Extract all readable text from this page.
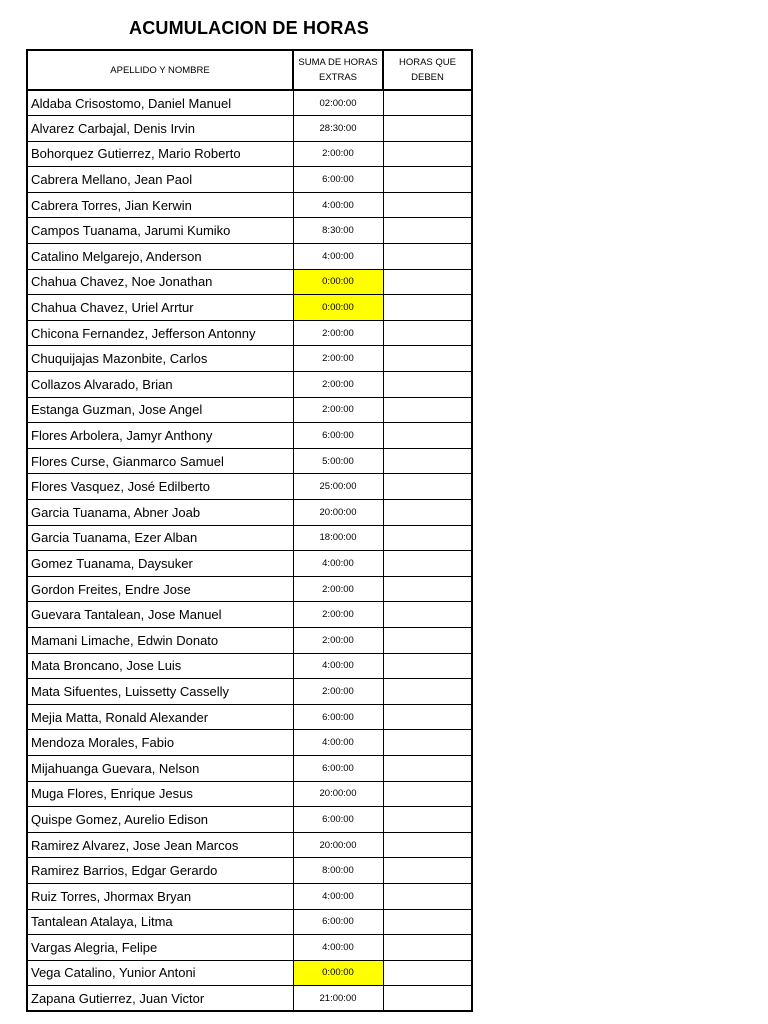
ACUMULACION DE HORAS
APELLIDO Y NOMBRE	SUMA DE HORAS EXTRAS	HORAS QUE DEBEN
Aldaba Crisostomo, Daniel Manuel	02:00:00	
Alvarez Carbajal, Denis Irvin	28:30:00	
Bohorquez Gutierrez, Mario Roberto	2:00:00	
Cabrera Mellano, Jean Paol	6:00:00	
Cabrera Torres, Jian Kerwin	4:00:00	
Campos Tuanama, Jarumi Kumiko	8:30:00	
Catalino Melgarejo, Anderson	4:00:00	
Chahua Chavez, Noe Jonathan	0:00:00	
Chahua Chavez, Uriel Arrtur	0:00:00	
Chicona Fernandez, Jefferson Antonny	2:00:00	
Chuquijajas Mazonbite, Carlos	2:00:00	
Collazos Alvarado, Brian	2:00:00	
Estanga Guzman, Jose Angel	2:00:00	
Flores Arbolera, Jamyr Anthony	6:00:00	
Flores Curse, Gianmarco Samuel	5:00:00	
Flores Vasquez, José Edilberto	25:00:00	
Garcia Tuanama, Abner Joab	20:00:00	
Garcia Tuanama, Ezer Alban	18:00:00	
Gomez Tuanama, Daysuker	4:00:00	
Gordon Freites, Endre Jose	2:00:00	
Guevara Tantalean, Jose Manuel	2:00:00	
Mamani Limache, Edwin Donato	2:00:00	
Mata Broncano, Jose Luis	4:00:00	
Mata Sifuentes, Luissetty Casselly	2:00:00	
Mejia Matta, Ronald Alexander	6:00:00	
Mendoza Morales, Fabio	4:00:00	
Mijahuanga Guevara, Nelson	6:00:00	
Muga Flores, Enrique Jesus	20:00:00	
Quispe Gomez, Aurelio Edison	6:00:00	
Ramirez Alvarez, Jose Jean Marcos	20:00:00	
Ramirez Barrios, Edgar Gerardo	8:00:00	
Ruiz Torres, Jhormax Bryan	4:00:00	
Tantalean Atalaya, Litma	6:00:00	
Vargas Alegria, Felipe	4:00:00	
Vega Catalino, Yunior Antoni	0:00:00	
Zapana Gutierrez, Juan Victor	21:00:00	
